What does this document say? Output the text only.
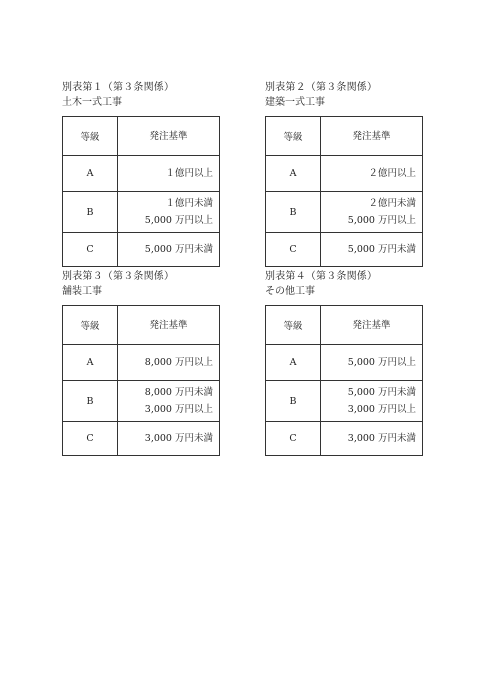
別表第１（第３条関係）
土木一式工事
等級	発注基準
A	１億円以上

B	１億円未満
5,000 万円以上

C	5,000 万円未満
別表第２（第３条関係）
建築一式工事
等級	発注基準
A	２億円以上

B	２億円未満
5,000 万円以上

C	5,000 万円未満
別表第３（第３条関係）
舗装工事
等級	発注基準
A	8,000 万円以上

B	8,000 万円未満
3,000 万円以上

C	3,000 万円未満
別表第４（第３条関係）
その他工事
等級	発注基準
A	5,000 万円以上

B	5,000 万円未満
3,000 万円以上

C	3,000 万円未満
